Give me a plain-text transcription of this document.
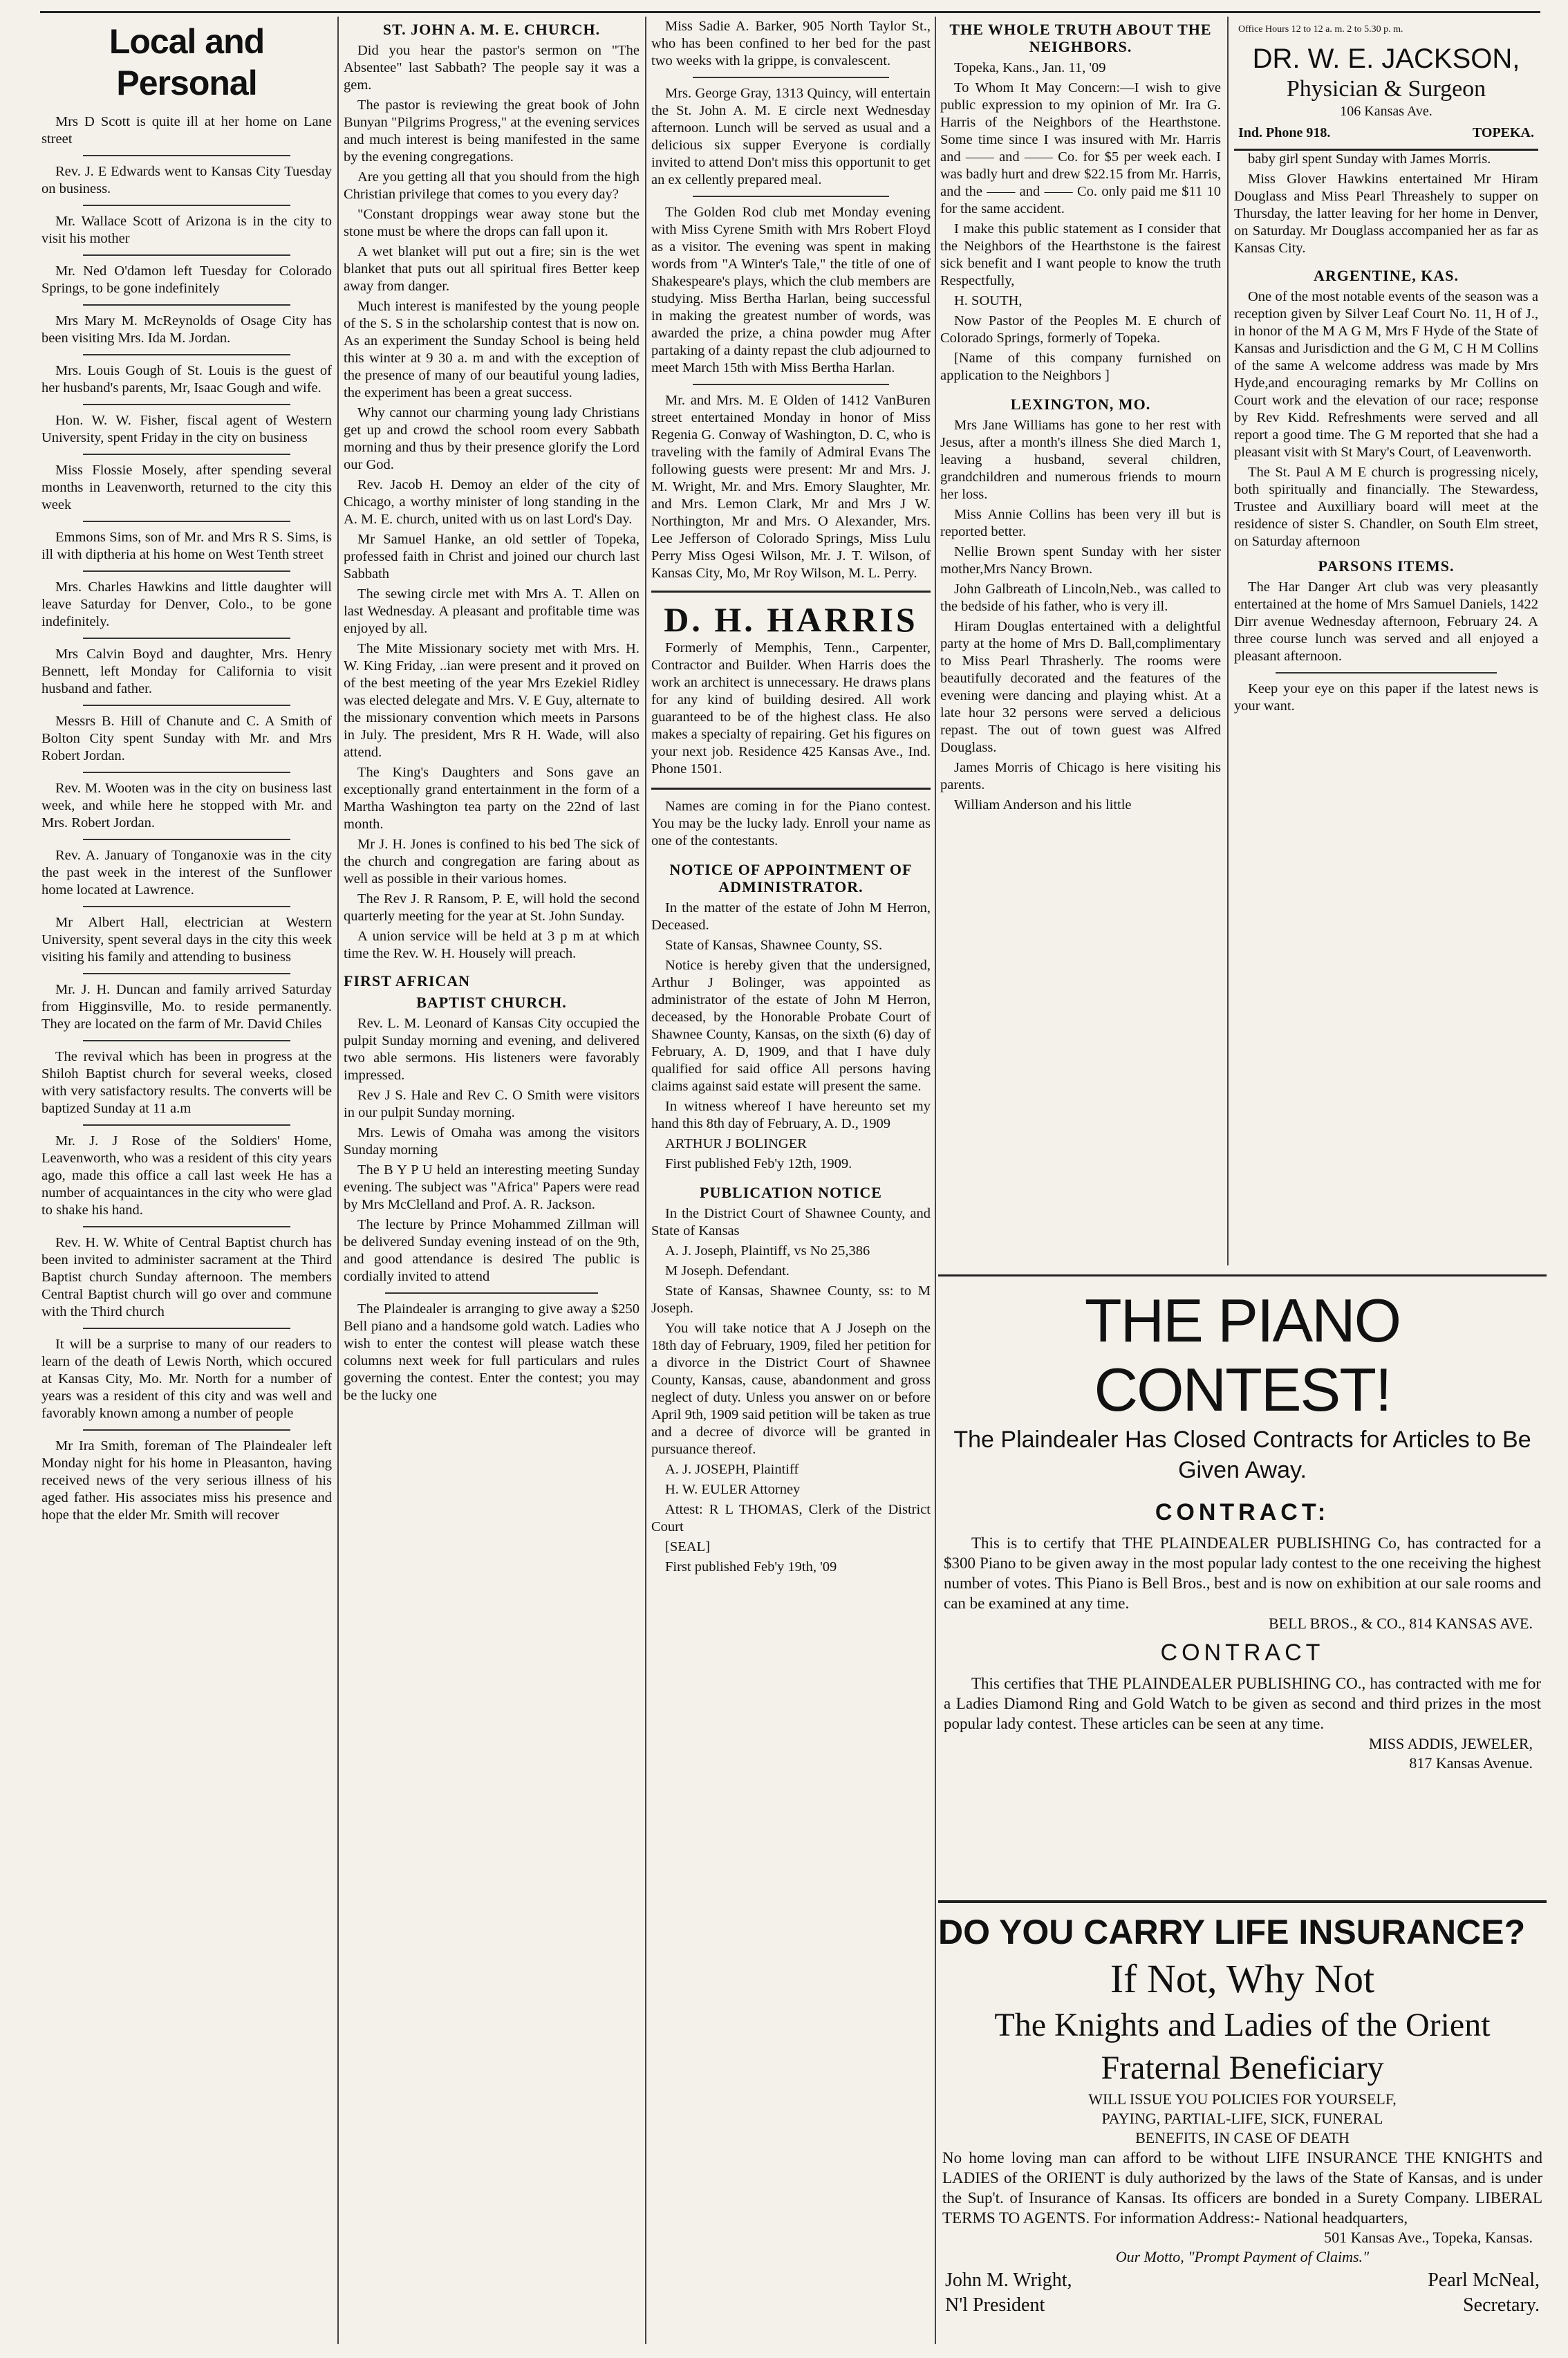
Local and Personal

Mrs D Scott is quite ill at her home on Lane street

Rev. J. E Edwards went to Kansas City Tuesday on business.

Mr. Wallace Scott of Arizona is in the city to visit his mother

Mr. Ned O'damon left Tuesday for Colorado Springs, to be gone indefinitely

Mrs Mary M. McReynolds of Osage City has been visiting Mrs. Ida M. Jordan.

Mrs. Louis Gough of St. Louis is the guest of her husband's parents, Mr, Isaac Gough and wife.

Hon. W. W. Fisher, fiscal agent of Western University, spent Friday in the city on business

Miss Flossie Mosely, after spending several months in Leavenworth, returned to the city this week

Emmons Sims, son of Mr. and Mrs R S. Sims, is ill with diptheria at his home on West Tenth street

Mrs. Charles Hawkins and little daughter will leave Saturday for Denver, Colo., to be gone indefinitely.

Mrs Calvin Boyd and daughter, Mrs. Henry Bennett, left Monday for California to visit husband and father.

Messrs B. Hill of Chanute and C. A Smith of Bolton City spent Sunday with Mr. and Mrs Robert Jordan.

Rev. M. Wooten was in the city on business last week, and while here he stopped with Mr. and Mrs. Robert Jordan.

Rev. A. January of Tonganoxie was in the city the past week in the interest of the Sunflower home located at Lawrence.

Mr Albert Hall, electrician at Western University, spent several days in the city this week visiting his family and attending to business

Mr. J. H. Duncan and family arrived Saturday from Higginsville, Mo. to reside permanently. They are located on the farm of Mr. David Chiles

The revival which has been in progress at the Shiloh Baptist church for several weeks, closed with very satisfactory results. The converts will be baptized Sunday at 11 a.m

Mr. J. J Rose of the Soldiers' Home, Leavenworth, who was a resident of this city years ago, made this office a call last week He has a number of acquaintances in the city who were glad to shake his hand.

Rev. H. W. White of Central Baptist church has been invited to administer sacrament at the Third Baptist church Sunday afternoon. The members Central Baptist church will go over and commune with the Third church

It will be a surprise to many of our readers to learn of the death of Lewis North, which occured at Kansas City, Mo. Mr. North for a number of years was a resident of this city and was well and favorably known among a number of people

Mr Ira Smith, foreman of The Plaindealer left Monday night for his home in Pleasanton, having received news of the very serious illness of his aged father. His associates miss his presence and hope that the elder Mr. Smith will recover

ST. JOHN A. M. E. CHURCH.

Did you hear the pastor's sermon on "The Absentee" last Sabbath? The people say it was a gem.

The pastor is reviewing the great book of John Bunyan "Pilgrims Progress," at the evening services and much interest is being manifested in the same by the evening congregations.

Are you getting all that you should from the high Christian privilege that comes to you every day?

"Constant droppings wear away stone but the stone must be where the drops can fall upon it.

A wet blanket will put out a fire; sin is the wet blanket that puts out all spiritual fires Better keep away from danger.

Much interest is manifested by the young people of the S. S in the scholarship contest that is now on. As an experiment the Sunday School is being held this winter at 9 30 a. m and with the exception of the presence of many of our beautiful young ladies, the experiment has been a great success.

Why cannot our charming young lady Christians get up and crowd the school room every Sabbath morning and thus by their presence glorify the Lord our God.

Rev. Jacob H. Demoy an elder of the city of Chicago, a worthy minister of long standing in the A. M. E. church, united with us on last Lord's Day.

Mr Samuel Hanke, an old settler of Topeka, professed faith in Christ and joined our church last Sabbath

The sewing circle met with Mrs A. T. Allen on last Wednesday. A pleasant and profitable time was enjoyed by all.

The Mite Missionary society met with Mrs. H. W. King Friday, ..ian were present and it proved on of the best meeting of the year Mrs Ezekiel Ridley was elected delegate and Mrs. V. E Guy, alternate to the missionary convention which meets in Parsons in July. The president, Mrs R H. Wade, will also attend.

The King's Daughters and Sons gave an exceptionally grand entertainment in the form of a Martha Washington tea party on the 22nd of last month.

Mr J. H. Jones is confined to his bed The sick of the church and congregation are faring about as well as possible in their various homes.

The Rev J. R Ransom, P. E, will hold the second quarterly meeting for the year at St. John Sunday.

A union service will be held at 3 p m at which time the Rev. W. H. Housely will preach.

FIRST AFRICAN
BAPTIST CHURCH.

Rev. L. M. Leonard of Kansas City occupied the pulpit Sunday morning and evening, and delivered two able sermons. His listeners were favorably impressed.

Rev J S. Hale and Rev C. O Smith were visitors in our pulpit Sunday morning.

Mrs. Lewis of Omaha was among the visitors Sunday morning

The B Y P U held an interesting meeting Sunday evening. The subject was "Africa" Papers were read by Mrs McClelland and Prof. A. R. Jackson.

The lecture by Prince Mohammed Zillman will be delivered Sunday evening instead of on the 9th, and good attendance is desired The public is cordially invited to attend

The Plaindealer is arranging to give away a $250 Bell piano and a handsome gold watch. Ladies who wish to enter the contest will please watch these columns next week for full particulars and rules governing the contest. Enter the contest; you may be the lucky one

Miss Sadie A. Barker, 905 North Taylor St., who has been confined to her bed for the past two weeks with la grippe, is convalescent.

Mrs. George Gray, 1313 Quincy, will entertain the St. John A. M. E circle next Wednesday afternoon. Lunch will be served as usual and a delicious six supper Everyone is cordially invited to attend Don't miss this opportunit to get an ex cellently prepared meal.

The Golden Rod club met Monday evening with Miss Cyrene Smith with Mrs Robert Floyd as a visitor. The evening was spent in making words from "A Winter's Tale," the title of one of Shakespeare's plays, which the club members are studying. Miss Bertha Harlan, being successful in making the greatest number of words, was awarded the prize, a china powder mug After partaking of a dainty repast the club adjourned to meet March 15th with Miss Bertha Harlan.

Mr. and Mrs. M. E Olden of 1412 VanBuren street entertained Monday in honor of Miss Regenia G. Conway of Washington, D. C, who is traveling with the family of Admiral Evans The following guests were present: Mr and Mrs. J. M. Wright, Mr. and Mrs. Emory Slaughter, Mr. and Mrs. Lemon Clark, Mr and Mrs J W. Northington, Mr and Mrs. O Alexander, Mrs. Lee Jefferson of Colorado Springs, Miss Lulu Perry Miss Ogesi Wilson, Mr. J. T. Wilson, of Kansas City, Mo, Mr Roy Wilson, M. L. Perry.

D. H. HARRIS

Formerly of Memphis, Tenn., Carpenter, Contractor and Builder. When Harris does the work an architect is unnecessary. He draws plans for any kind of building desired. All work guaranteed to be of the highest class. He also makes a specialty of repairing. Get his figures on your next job. Residence 425 Kansas Ave., Ind. Phone 1501.

Names are coming in for the Piano contest. You may be the lucky lady. Enroll your name as one of the contestants.

NOTICE OF APPOINTMENT OF ADMINISTRATOR.

In the matter of the estate of John M Herron, Deceased.

State of Kansas, Shawnee County, SS.

Notice is hereby given that the undersigned, Arthur J Bolinger, was appointed as administrator of the estate of John M Herron, deceased, by the Honorable Probate Court of Shawnee County, Kansas, on the sixth (6) day of February, A. D, 1909, and that I have duly qualified for said office All persons having claims against said estate will present the same.

In witness whereof I have hereunto set my hand this 8th day of February, A. D., 1909

ARTHUR J BOLINGER

First published Feb'y 12th, 1909.

PUBLICATION NOTICE

In the District Court of Shawnee County, and State of Kansas

A. J. Joseph, Plaintiff, vs No 25,386

M Joseph. Defendant.

State of Kansas, Shawnee County, ss: to M Joseph.

You will take notice that A J Joseph on the 18th day of February, 1909, filed her petition for a divorce in the District Court of Shawnee County, Kansas, cause, abandonment and gross neglect of duty. Unless you answer on or before April 9th, 1909 said petition will be taken as true and a decree of divorce will be granted in pursuance thereof.

A. J. JOSEPH, Plaintiff

H. W. EULER Attorney

Attest: R L THOMAS, Clerk of the District Court

[SEAL]

First published Feb'y 19th, '09

THE WHOLE TRUTH ABOUT THE NEIGHBORS.

Topeka, Kans., Jan. 11, '09

To Whom It May Concern:—I wish to give public expression to my opinion of Mr. Ira G. Harris of the Neighbors of the Hearthstone. Some time since I was insured with Mr. Harris and —— and —— Co. for $5 per week each. I was badly hurt and drew $22.15 from Mr. Harris, and the —— and —— Co. only paid me $11 10 for the same accident.

I make this public statement as I consider that the Neighbors of the Hearthstone is the fairest sick benefit and I want people to know the truth Respectfully,

H. SOUTH,

Now Pastor of the Peoples M. E church of Colorado Springs, formerly of Topeka.

[Name of this company furnished on application to the Neighbors ]

LEXINGTON, MO.

Mrs Jane Williams has gone to her rest with Jesus, after a month's illness She died March 1, leaving a husband, several children, grandchildren and numerous friends to mourn her loss.

Miss Annie Collins has been very ill but is reported better.

Nellie Brown spent Sunday with her sister mother,Mrs Nancy Brown.

John Galbreath of Lincoln,Neb., was called to the bedside of his father, who is very ill.

Hiram Douglas entertained with a delightful party at the home of Mrs D. Ball,complimentary to Miss Pearl Thrasherly. The rooms were beautifully decorated and the features of the evening were dancing and playing whist. At a late hour 32 persons were served a delicious repast. The out of town guest was Alfred Douglass.

James Morris of Chicago is here visiting his parents.

William Anderson and his little

Office Hours 12 to 12 a. m. 2 to 5.30 p. m.
DR. W. E. JACKSON,
Physician & Surgeon
106 Kansas Ave.
Ind. Phone 918.	TOPEKA.

baby girl spent Sunday with James Morris.

Miss Glover Hawkins entertained Mr Hiram Douglass and Miss Pearl Threashely to supper on Thursday, the latter leaving for her home in Denver, on Saturday. Mr Douglass accompanied her as far as Kansas City.

ARGENTINE, KAS.

One of the most notable events of the season was a reception given by Silver Leaf Court No. 11, H of J., in honor of the M A G M, Mrs F Hyde of the State of Kansas and Jurisdiction and the G M, C H M Collins of the same A welcome address was made by Mrs Hyde,and encouraging remarks by Mr Collins on Court work and the elevation of our race; response by Rev Kidd. Refreshments were served and all report a good time. The G M reported that she had a pleasant visit with St Mary's Court, of Leavenworth.

The St. Paul A M E church is progressing nicely, both spiritually and financially. The Stewardess, Trustee and Auxilliary board will meet at the residence of sister S. Chandler, on South Elm street, on Saturday afternoon

PARSONS ITEMS.

The Har Danger Art club was very pleasantly entertained at the home of Mrs Samuel Daniels, 1422 Dirr avenue Wednesday afternoon, February 24. A three course lunch was served and all enjoyed a pleasant afternoon.

Keep your eye on this paper if the latest news is your want.

THE PIANO CONTEST!
The Plaindealer Has Closed Contracts for Articles to Be Given Away.
CONTRACT:

This is to certify that THE PLAINDEALER PUBLISHING Co, has contracted for a $300 Piano to be given away in the most popular lady contest to the one receiving the highest number of votes. This Piano is Bell Bros., best and is now on exhibition at our sale rooms and can be examined at any time.

BELL BROS., & CO., 814 KANSAS AVE.
CONTRACT

This certifies that THE PLAINDEALER PUBLISHING CO., has contracted with me for a Ladies Diamond Ring and Gold Watch to be given as second and third prizes in the most popular lady contest. These articles can be seen at any time.

MISS ADDIS, JEWELER,
817 Kansas Avenue.
DO YOU CARRY LIFE INSURANCE?
If Not, Why Not
The Knights and Ladies of the Orient
Fraternal Beneficiary
WILL ISSUE YOU POLICIES FOR YOURSELF,
PAYING, PARTIAL-LIFE, SICK, FUNERAL
BENEFITS, IN CASE OF DEATH

No home loving man can afford to be without LIFE INSURANCE THE KNIGHTS and LADIES of the ORIENT is duly authorized by the laws of the State of Kansas, and is under the Sup't. of Insurance of Kansas. Its officers are bonded in a Surety Company. LIBERAL TERMS TO AGENTS. For information Address:- National headquarters,

501 Kansas Ave., Topeka, Kansas.
Our Motto, "Prompt Payment of Claims."
John M. Wright,	Pearl McNeal,
N'l President	Secretary.
